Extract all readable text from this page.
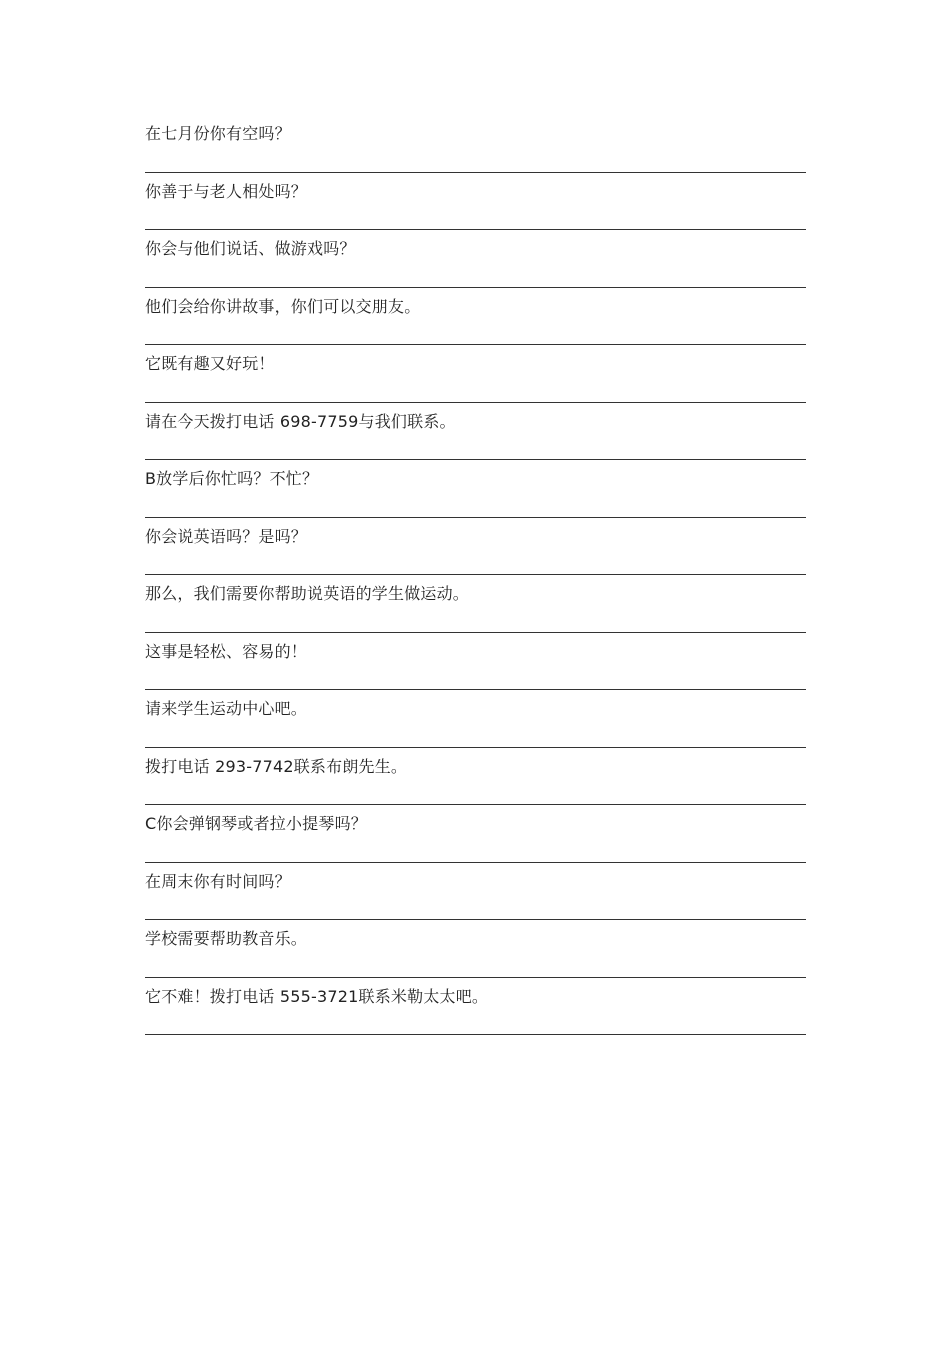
在七月份你有空吗？
你善于与老人相处吗？
你会与他们说话、做游戏吗？
他们会给你讲故事，你们可以交朋友。
它既有趣又好玩！
请在今天拨打电话 698-7759与我们联系。
B放学后你忙吗？不忙？
你会说英语吗？是吗？
那么，我们需要你帮助说英语的学生做运动。
这事是轻松、容易的！
请来学生运动中心吧。
拨打电话 293-7742联系布朗先生。
C你会弹钢琴或者拉小提琴吗？
在周末你有时间吗？
学校需要帮助教音乐。
它不难！拨打电话 555-3721联系米勒太太吧。
